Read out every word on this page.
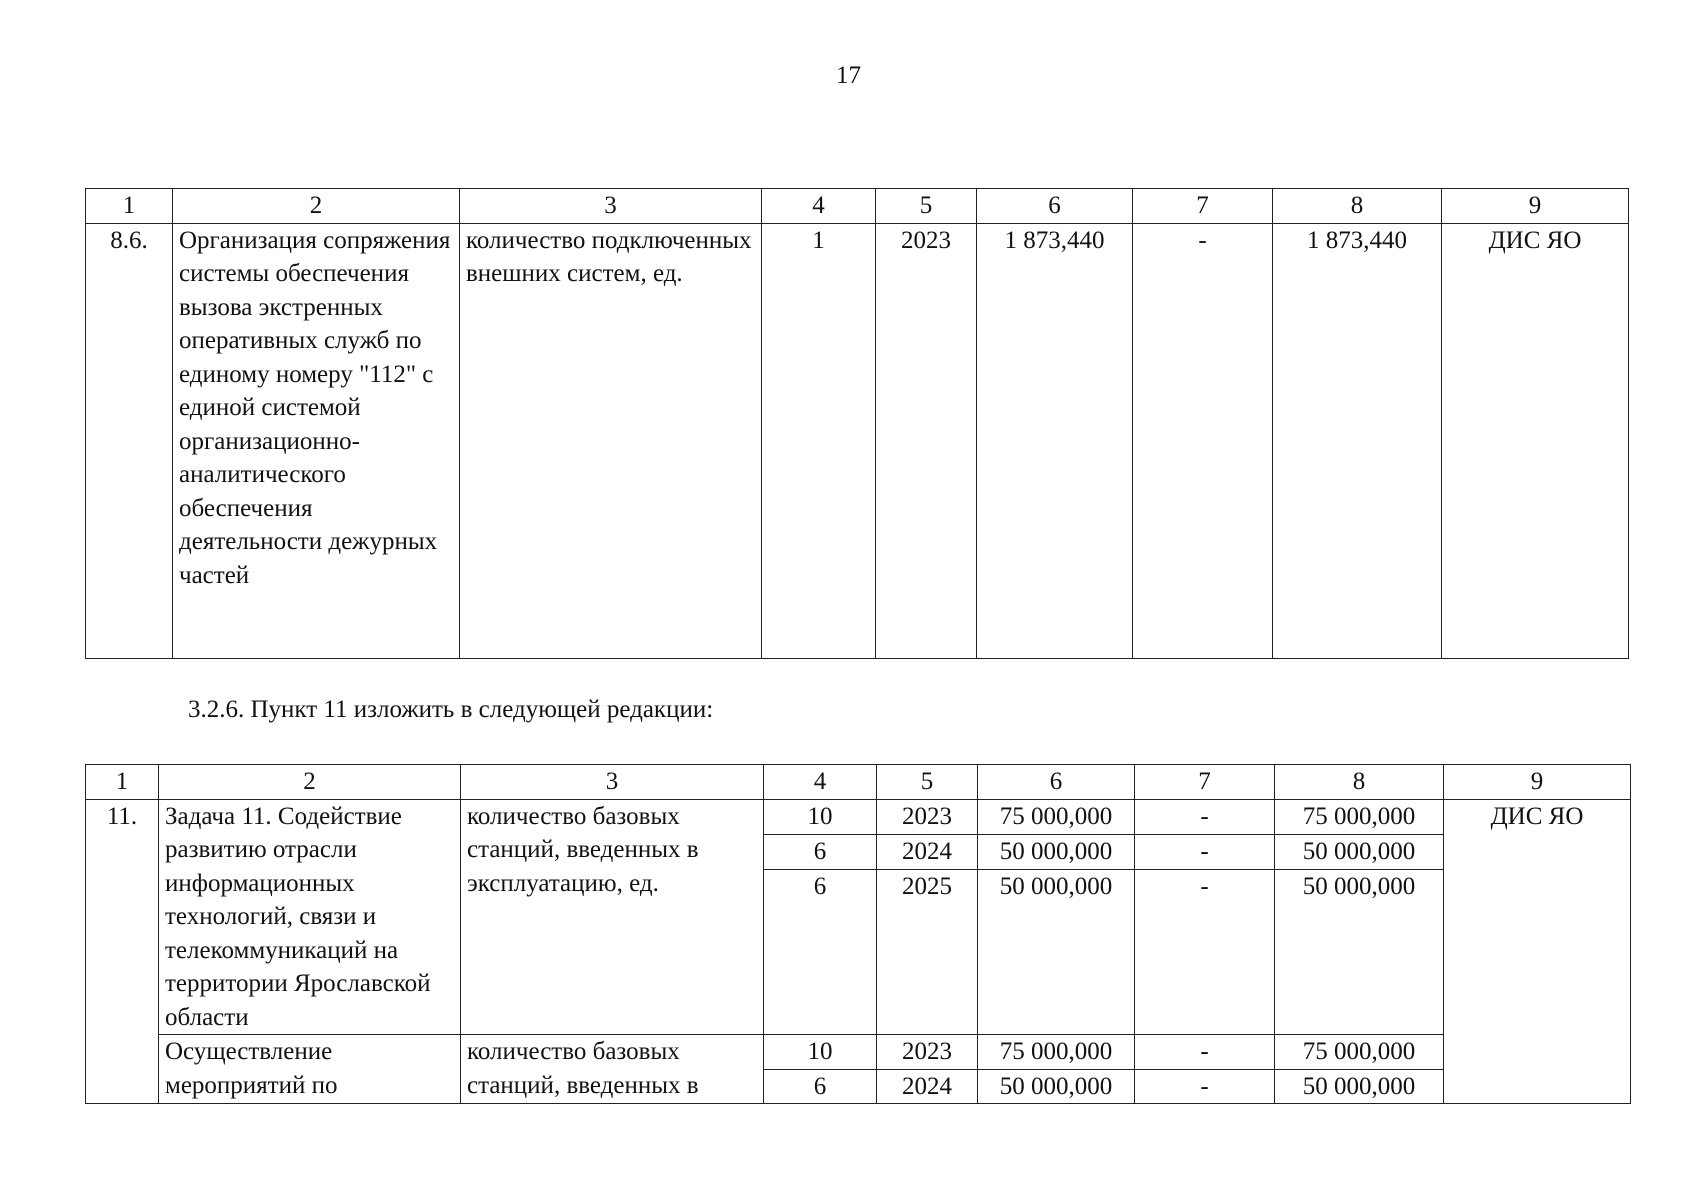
17
1	2	3	4	5	6	7	8	9
8.6.	Организация сопряжения системы обеспечения вызова экстренных оперативных служб по единому номеру "112" с единой системой организационно-аналитического обеспечения деятельности дежурных частей	количество подключенных внешних систем, ед.	1	2023	1 873,440	-	1 873,440	ДИС ЯО
3.2.6. Пункт 11 изложить в следующей редакции:
1	2	3	4	5	6	7	8	9
11.	Задача 11. Содействие развитию отрасли информационных технологий, связи и телекоммуникаций на территории Ярославской области	количество базовых станций, введенных в эксплуатацию, ед.	10	2023	75 000,000	-	75 000,000	ДИС ЯО
			6	2024	50 000,000	-	50 000,000	
			6	2025	50 000,000	-	50 000,000	
	Осуществление мероприятий по	количество базовых станций, введенных в	10	2023	75 000,000	-	75 000,000	
			6	2024	50 000,000	-	50 000,000	
